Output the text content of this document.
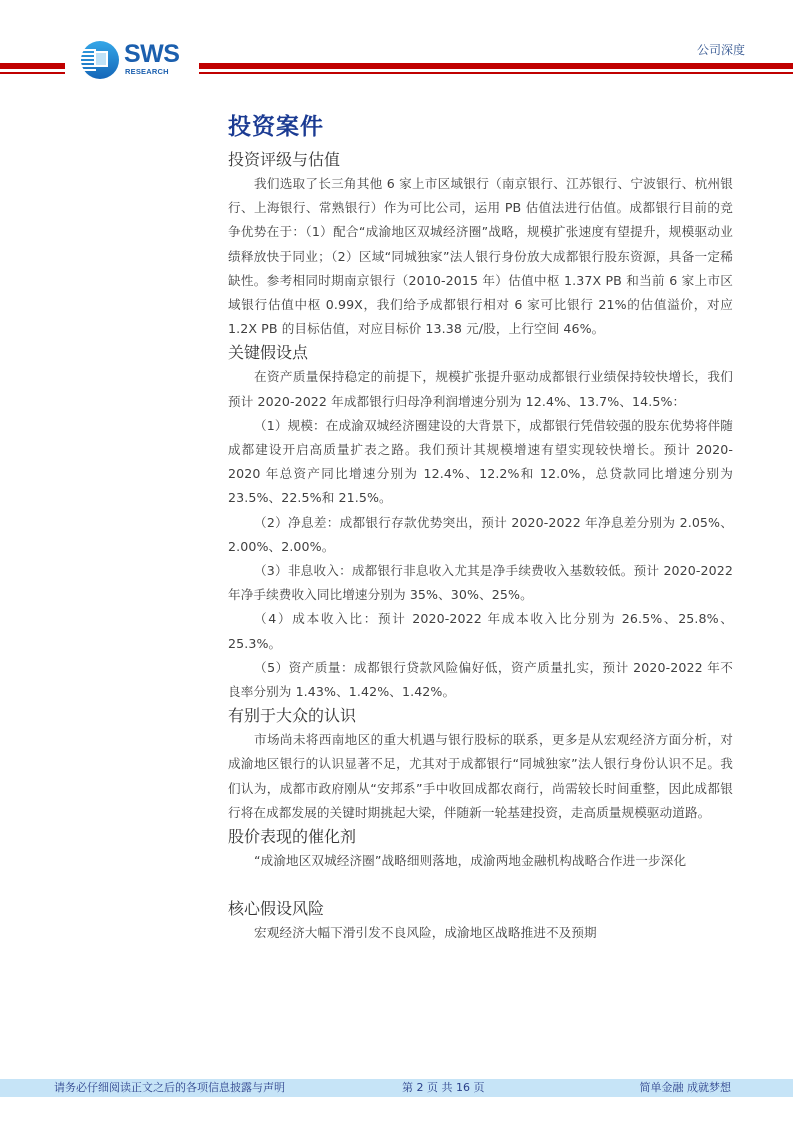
SWS
RESEARCH
公司深度
投资案件
投资评级与估值

我们选取了长三角其他 6 家上市区域银行（南京银行、江苏银行、宁波银行、杭州银行、上海银行、常熟银行）作为可比公司，运用 PB 估值法进行估值。成都银行目前的竞争优势在于：（1）配合“成渝地区双城经济圈”战略，规模扩张速度有望提升，规模驱动业绩释放快于同业；（2）区域“同城独家”法人银行身份放大成都银行股东资源，具备一定稀缺性。参考相同时期南京银行（2010-2015 年）估值中枢 1.37X PB 和当前 6 家上市区域银行估值中枢 0.99X，我们给予成都银行相对 6 家可比银行 21%的估值溢价，对应 1.2X PB 的目标估值，对应目标价 13.38 元/股，上行空间 46%。

关键假设点

在资产质量保持稳定的前提下，规模扩张提升驱动成都银行业绩保持较快增长，我们预计 2020-2022 年成都银行归母净利润增速分别为 12.4%、13.7%、14.5%：

（1）规模：在成渝双城经济圈建设的大背景下，成都银行凭借较强的股东优势将伴随成都建设开启高质量扩表之路。我们预计其规模增速有望实现较快增长。预计 2020-2020 年总资产同比增速分别为 12.4%、12.2%和 12.0%，总贷款同比增速分别为 23.5%、22.5%和 21.5%。

（2）净息差：成都银行存款优势突出，预计 2020-2022 年净息差分别为 2.05%、2.00%、2.00%。

（3）非息收入：成都银行非息收入尤其是净手续费收入基数较低。预计 2020-2022 年净手续费收入同比增速分别为 35%、30%、25%。

（4）成本收入比：预计 2020-2022 年成本收入比分别为 26.5%、25.8%、25.3%。

（5）资产质量：成都银行贷款风险偏好低，资产质量扎实，预计 2020-2022 年不良率分别为 1.43%、1.42%、1.42%。

有别于大众的认识

市场尚未将西南地区的重大机遇与银行股标的联系，更多是从宏观经济方面分析，对成渝地区银行的认识显著不足，尤其对于成都银行“同城独家”法人银行身份认识不足。我们认为，成都市政府刚从“安邦系”手中收回成都农商行，尚需较长时间重整，因此成都银行将在成都发展的关键时期挑起大梁，伴随新一轮基建投资，走高质量规模驱动道路。

股价表现的催化剂

“成渝地区双城经济圈”战略细则落地，成渝两地金融机构战略合作进一步深化

核心假设风险

宏观经济大幅下滑引发不良风险，成渝地区战略推进不及预期

请务必仔细阅读正文之后的各项信息披露与声明	第 2 页 共 16 页	简单金融 成就梦想
